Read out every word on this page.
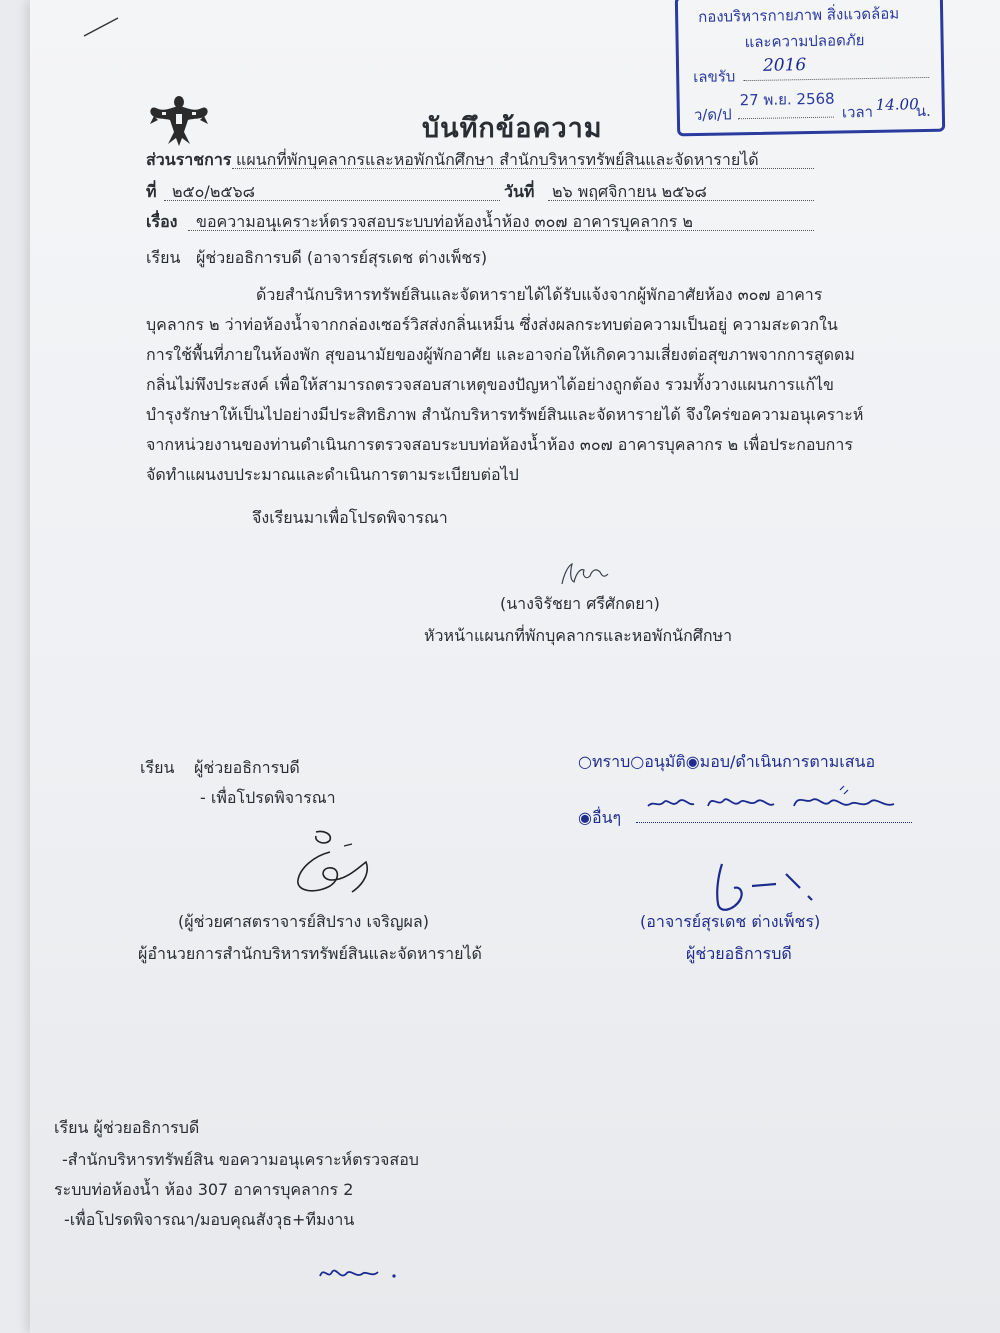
กองบริหารกายภาพ สิ่งแวดล้อม
และความปลอดภัย
เลขรับ
2016
ว/ด/ป
27 พ.ย. 2568
เวลา 14.00
น.
บันทึกข้อความ
ส่วนราชการ แผนกที่พักบุคลากรและหอพักนักศึกษา สำนักบริหารทรัพย์สินและจัดหารายได้
ที่ ๒๕๐/๒๕๖๘	วันที่ ๒๖ พฤศจิกายน ๒๕๖๘
เรื่อง ขอความอนุเคราะห์ตรวจสอบระบบท่อห้องน้ำห้อง ๓๐๗ อาคารบุคลากร ๒
เรียน ผู้ช่วยอธิการบดี (อาจารย์สุรเดช ต่างเพ็ชร)
ด้วยสำนักบริหารทรัพย์สินและจัดหารายได้ได้รับแจ้งจากผู้พักอาศัยห้อง ๓๐๗ อาคาร
บุคลากร ๒ ว่าท่อห้องน้ำจากกล่องเซอร์วิสส่งกลิ่นเหม็น ซึ่งส่งผลกระทบต่อความเป็นอยู่ ความสะดวกใน
การใช้พื้นที่ภายในห้องพัก สุขอนามัยของผู้พักอาศัย และอาจก่อให้เกิดความเสี่ยงต่อสุขภาพจากการสูดดม
กลิ่นไม่พึงประสงค์ เพื่อให้สามารถตรวจสอบสาเหตุของปัญหาได้อย่างถูกต้อง รวมทั้งวางแผนการแก้ไข
บำรุงรักษาให้เป็นไปอย่างมีประสิทธิภาพ สำนักบริหารทรัพย์สินและจัดหารายได้ จึงใคร่ขอความอนุเคราะห์
จากหน่วยงานของท่านดำเนินการตรวจสอบระบบท่อห้องน้ำห้อง ๓๐๗ อาคารบุคลากร ๒ เพื่อประกอบการ
จัดทำแผนงบประมาณและดำเนินการตามระเบียบต่อไป
จึงเรียนมาเพื่อโปรดพิจารณา
(นางจิรัชยา ศรีศักดยา)
หัวหน้าแผนกที่พักบุคลากรและหอพักนักศึกษา
เรียน ผู้ช่วยอธิการบดี
- เพื่อโปรดพิจารณา
(ผู้ช่วยศาสตราจารย์สิปราง เจริญผล)
ผู้อำนวยการสำนักบริหารทรัพย์สินและจัดหารายได้
○ทราบ○อนุมัติ◉มอบ/ดำเนินการตามเสนอ
◉อื่นๆ
(อาจารย์สุรเดช ต่างเพ็ชร)
ผู้ช่วยอธิการบดี
เรียน ผู้ช่วยอธิการบดี
-สำนักบริหารทรัพย์สิน ขอความอนุเคราะห์ตรวจสอบ
ระบบท่อห้องน้ำ ห้อง 307 อาคารบุคลากร 2
-เพื่อโปรดพิจารณา/มอบคุณสังวุธ+ทีมงาน
